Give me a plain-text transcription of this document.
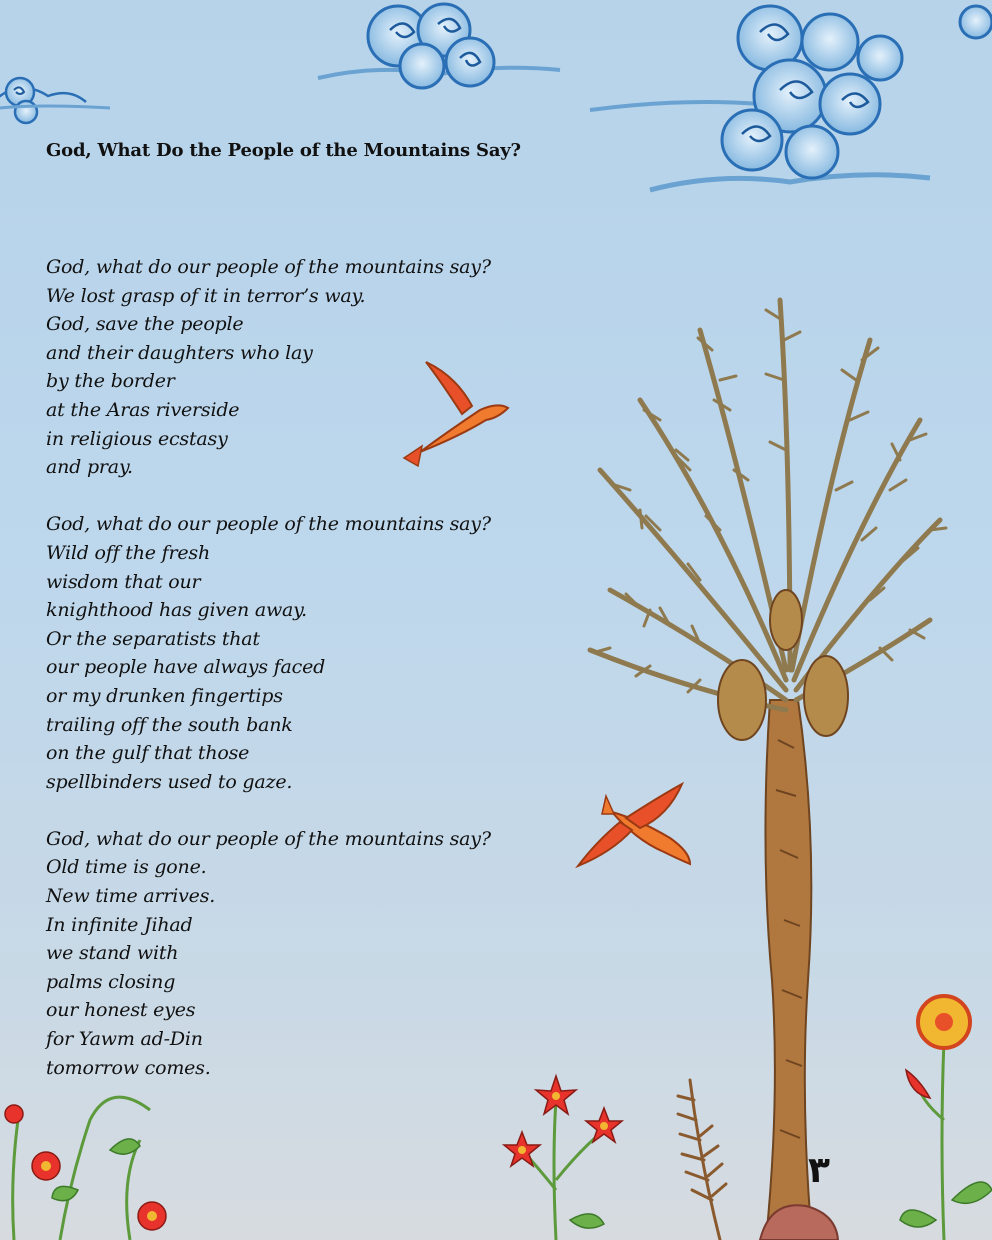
God, What Do the People of the Mountains Say?
God, what do our people of the mountains say?
We lost grasp of it in terror’s way.
God, save the people
and their daughters who lay
by the border
at the Aras riverside
in religious ecstasy
and pray.
God, what do our people of the mountains say?
Wild off the fresh
wisdom that our
knighthood has given away.
Or the separatists that
our people have always faced
or my drunken fingertips
trailing off the south bank
on the gulf that those
spellbinders used to gaze.
God, what do our people of the mountains say?
Old time is gone.
New time arrives.
In infinite Jihad
we stand with
palms closing
our honest eyes
for Yawm ad-Din
tomorrow comes.
٣
